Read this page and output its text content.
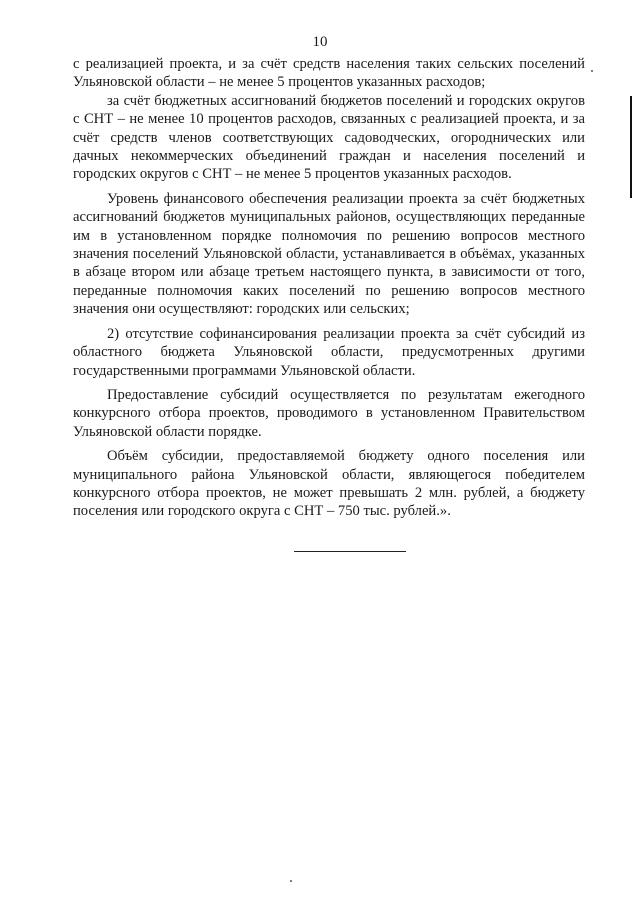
10

с реализацией проекта, и за счёт средств населения таких сельских поселений Ульяновской области – не менее 5 процентов указанных расходов;

за счёт бюджетных ассигнований бюджетов поселений и городских округов с СНТ – не менее 10 процентов расходов, связанных с реализацией проекта, и за счёт средств членов соответствующих садоводческих, огороднических или дачных некоммерческих объединений граждан и населения поселений и городских округов с СНТ – не менее 5 процентов указанных расходов.

Уровень финансового обеспечения реализации проекта за счёт бюджетных ассигнований бюджетов муниципальных районов, осуществляющих переданные им в установленном порядке полномочия по решению вопросов местного значения поселений Ульяновской области, устанавливается в объёмах, указанных в абзаце втором или абзаце третьем настоящего пункта, в зависимости от того, переданные полномочия каких поселений по решению вопросов местного значения они осуществляют: городских или сельских;

2) отсутствие софинансирования реализации проекта за счёт субсидий из областного бюджета Ульяновской области, предусмотренных другими государственными программами Ульяновской области.

Предоставление субсидий осуществляется по результатам ежегодного конкурсного отбора проектов, проводимого в установленном Правительством Ульяновской области порядке.

Объём субсидии, предоставляемой бюджету одного поселения или муниципального района Ульяновской области, являющегося победителем конкурсного отбора проектов, не может превышать 2 млн. рублей, а бюджету поселения или городского округа с СНТ – 750 тыс. рублей.».
